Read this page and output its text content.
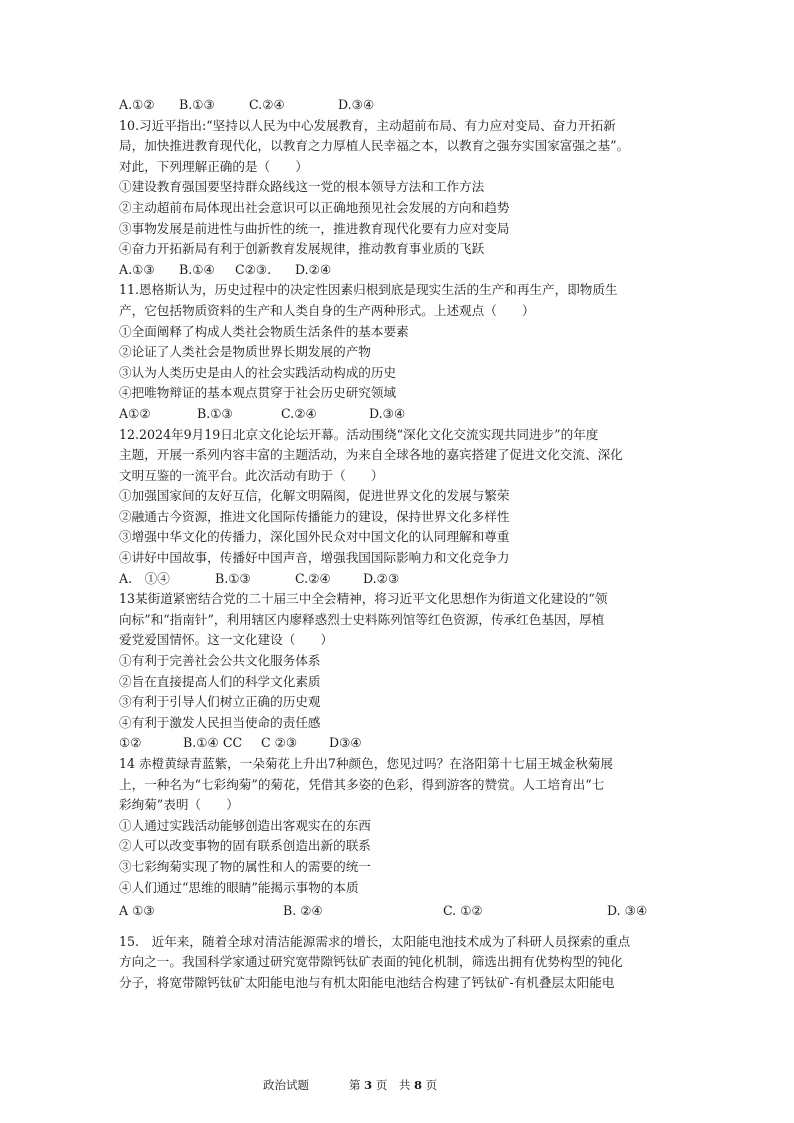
A.①②	B.①③	C.②④	D.③④
10.习近平指出:“坚持以人民为中心发展教育，主动超前布局、有力应对变局、奋力开拓新
局，加快推进教育现代化，以教育之力厚植人民幸福之本，以教育之强夯实国家富强之基”。
对此，下列理解正确的是（　　）
①建设教育强国要坚持群众路线这一党的根本领导方法和工作方法
②主动超前布局体现出社会意识可以正确地预见社会发展的方向和趋势
③事物发展是前进性与曲折性的统一，推进教育现代化要有力应对变局
④奋力开拓新局有利于创新教育发展规律，推动教育事业质的飞跃
A.①③	B.①④	C②③.	D.②④
11.恩格斯认为，历史过程中的决定性因素归根到底是现实生活的生产和再生产，即物质生
产，它包括物质资料的生产和人类自身的生产两种形式。上述观点（　　）
①全面阐释了构成人类社会物质生活条件的基本要素
②论证了人类社会是物质世界长期发展的产物
③认为人类历史是由人的社会实践活动构成的历史
④把唯物辩证的基本观点贯穿于社会历史研究领域
A①②	B.①③	C.②④	D.③④
12.2024年9月19日北京文化论坛开幕。活动围绕“深化文化交流实现共同进步”的年度
主题，开展一系列内容丰富的主题活动，为来自全球各地的嘉宾搭建了促进文化交流、深化
文明互鉴的一流平台。此次活动有助于（　　）
①加强国家间的友好互信，化解文明隔阂，促进世界文化的发展与繁荣
②融通古今资源，推进文化国际传播能力的建设，保持世界文化多样性
③增强中华文化的传播力，深化国外民众对中国文化的认同理解和尊重
④讲好中国故事，传播好中国声音，增强我国国际影响力和文化竞争力
A.　①④	B.①③	C.②④	D.②③
13某街道紧密结合党的二十届三中全会精神，将习近平文化思想作为街道文化建设的“领
向标”和“指南针”，利用辖区内廖释惑烈士史料陈列馆等红色资源，传承红色基因，厚植
爱党爱国情怀。这一文化建设（　　）
①有利于完善社会公共文化服务体系
②旨在直接提高人们的科学文化素质
③有利于引导人们树立正确的历史观
④有利于激发人民担当使命的责任感
①②	B.①④ CC	C ②③	D③④
14 赤橙黄绿青蓝紫，一朵菊花上升出7种颜色，您见过吗？在洛阳第十七届王城金秋菊展
上，一种名为“七彩绚菊”的菊花，凭借其多姿的色彩，得到游客的赞赏。人工培育出“七
彩绚菊”表明（　　）
①人通过实践活动能够创造出客观实在的东西
②人可以改变事物的固有联系创造出新的联系
③七彩绚菊实现了物的属性和人的需要的统一
④人们通过“思维的眼睛”能揭示事物的本质
A ①③	B. ②④	C. ①②	D. ③④
15.　近年来，随着全球对清洁能源需求的增长，太阳能电池技术成为了科研人员探索的重点
方向之一。我国科学家通过研究宽带隙钙钛矿表面的钝化机制，筛选出拥有优势构型的钝化
分子，将宽带隙钙钛矿太阳能电池与有机太阳能电池结合构建了钙钛矿-有机叠层太阳能电
政治试题	第 3 页　共 8 页
